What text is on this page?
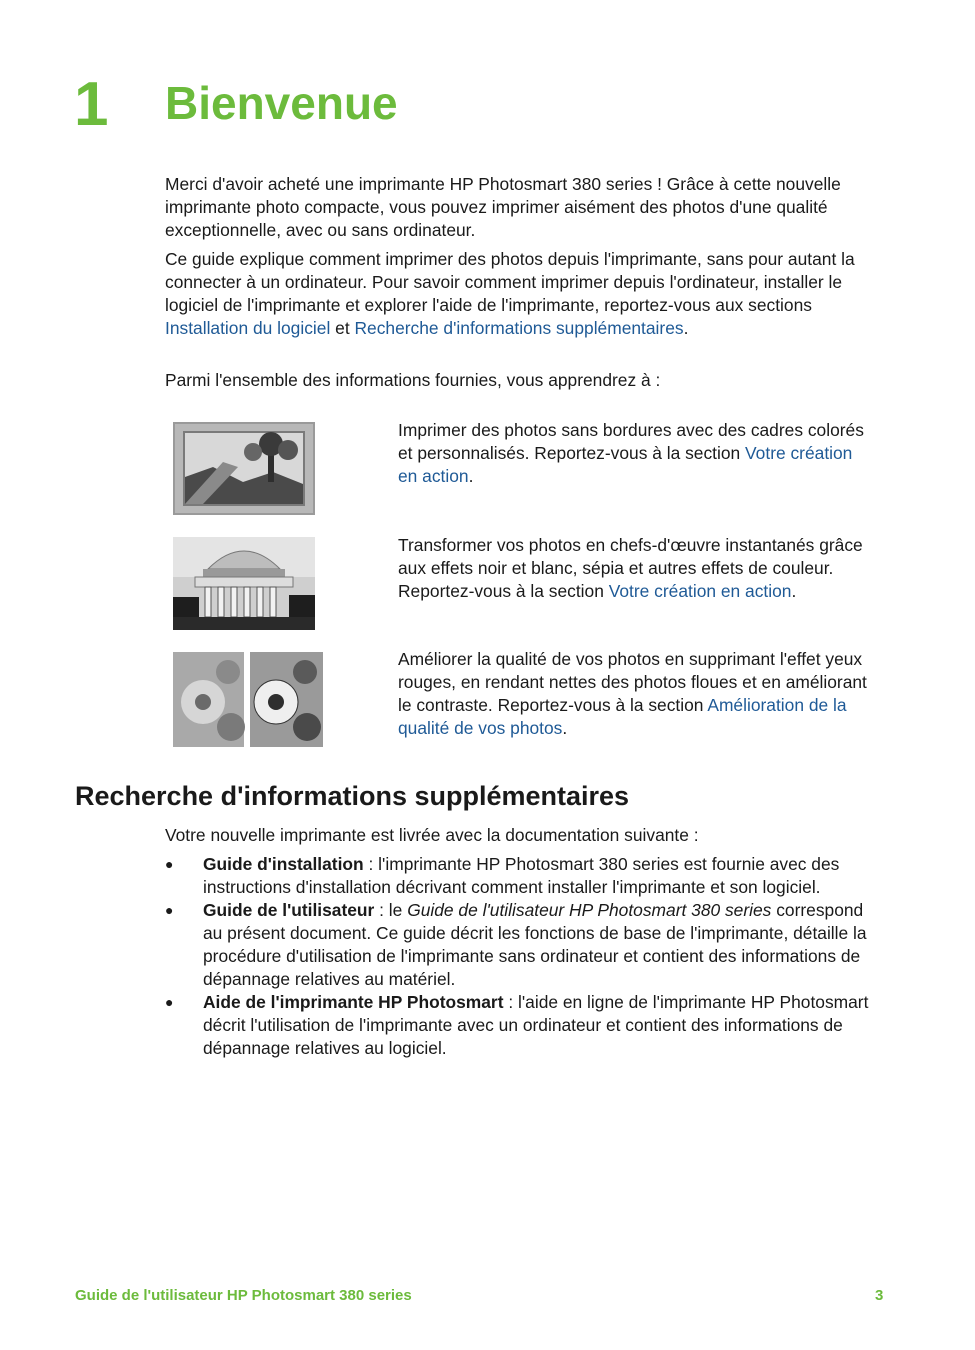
1 Bienvenue

Merci d'avoir acheté une imprimante HP Photosmart 380 series ! Grâce à cette nouvelle imprimante photo compacte, vous pouvez imprimer aisément des photos d'une qualité exceptionnelle, avec ou sans ordinateur.

Ce guide explique comment imprimer des photos depuis l'imprimante, sans pour autant la connecter à un ordinateur. Pour savoir comment imprimer depuis l'ordinateur, installer le logiciel de l'imprimante et explorer l'aide de l'imprimante, reportez-vous aux sections Installation du logiciel et Recherche d'informations supplémentaires.

Parmi l'ensemble des informations fournies, vous apprendrez à :

Imprimer des photos sans bordures avec des cadres colorés et personnalisés. Reportez-vous à la section Votre création en action.

Transformer vos photos en chefs-d'œuvre instantanés grâce aux effets noir et blanc, sépia et autres effets de couleur. Reportez-vous à la section Votre création en action.

Améliorer la qualité de vos photos en supprimant l'effet yeux rouges, en rendant nettes des photos floues et en améliorant le contraste. Reportez-vous à la section Amélioration de la qualité de vos photos.

Recherche d'informations supplémentaires

Votre nouvelle imprimante est livrée avec la documentation suivante :

● Guide d'installation : l'imprimante HP Photosmart 380 series est fournie avec des instructions d'installation décrivant comment installer l'imprimante et son logiciel.
● Guide de l'utilisateur : le Guide de l'utilisateur HP Photosmart 380 series correspond au présent document. Ce guide décrit les fonctions de base de l'imprimante, détaille la procédure d'utilisation de l'imprimante sans ordinateur et contient des informations de dépannage relatives au matériel.
● Aide de l'imprimante HP Photosmart : l'aide en ligne de l'imprimante HP Photosmart décrit l'utilisation de l'imprimante avec un ordinateur et contient des informations de dépannage relatives au logiciel.
Guide de l'utilisateur HP Photosmart 380 series	3
